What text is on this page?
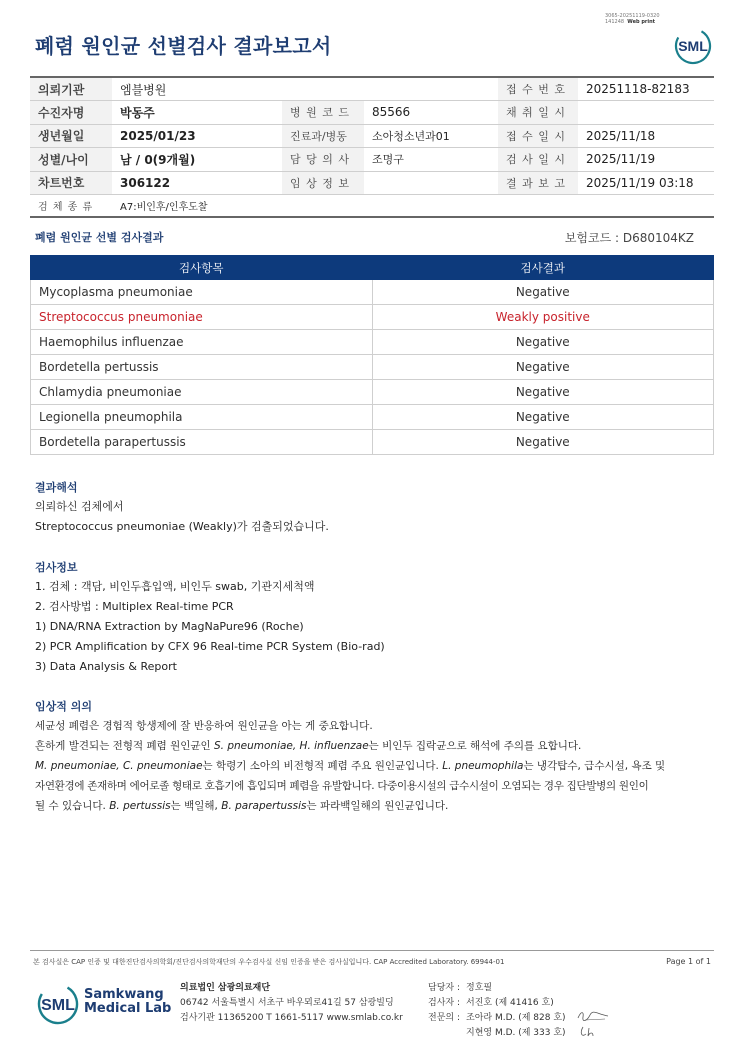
3065-20251119-0320
141248 Web print
폐렴 원인균 선별검사 결과보고서	SML
의뢰기관	엠블병원			접 수 번 호	20251118-82183
수진자명	박동주	병 원 코 드	85566	채 취 일 시	
생년월일	2025/01/23	진료과/병동	소아청소년과01	접 수 일 시	2025/11/18
성별/나이	남 / 0(9개월)	담 당 의 사	조명구	검 사 일 시	2025/11/19
차트번호	306122	임 상 정 보		결 과 보 고	2025/11/19 03:18
검 체 종 류	A7:비인후/인후도찰				
폐렴 원인균 선별 검사결과	보험코드 : D680104KZ
검사항목	검사결과
Mycoplasma pneumoniae	Negative
Streptococcus pneumoniae	Weakly positive
Haemophilus influenzae	Negative
Bordetella pertussis	Negative
Chlamydia pneumoniae	Negative
Legionella pneumophila	Negative
Bordetella parapertussis	Negative
결과해석
의뢰하신 검체에서
Streptococcus pneumoniae (Weakly)가 검출되었습니다.
검사정보
1. 검체 : 객담, 비인두흡입액, 비인두 swab, 기관지세척액
2. 검사방법 : Multiplex Real-time PCR
1) DNA/RNA Extraction by MagNaPure96 (Roche)
2) PCR Amplification by CFX 96 Real-time PCR System (Bio-rad)
3) Data Analysis & Report
임상적 의의
세균성 폐렴은 경험적 항생제에 잘 반응하여 원인균을 아는 게 중요합니다.
흔하게 발견되는 전형적 폐렴 원인균인 S. pneumoniae, H. influenzae는 비인두 집락균으로 해석에 주의를 요합니다.
M. pneumoniae, C. pneumoniae는 학령기 소아의 비전형적 폐렴 주요 원인균입니다. L. pneumophila는 냉각탑수, 급수시설, 욕조 및
자연환경에 존재하며 에어로졸 형태로 호흡기에 흡입되며 폐렴을 유발합니다. 다중이용시설의 급수시설이 오염되는 경우 집단발병의 원인이
될 수 있습니다. B. pertussis는 백일해, B. parapertussis는 파라백일해의 원인균입니다.
본 검사실은 CAP 인증 및 대한진단검사의학회/진단검사의학재단의 우수검사실 신임 인증을 받은 검사실입니다. CAP Accredited Laboratory. 69944-01	Page 1 of 1
SML
Samkwang
Medical Lab
의료법인 삼광의료재단
06742 서울특별시 서초구 바우뫼로41길 57 삼광빌딩
검사기관 11365200 T 1661-5117 www.smlab.co.kr
담당자 : 정호필
검사자 : 서진호 (제 41416 호)
전문의 : 조아라 M.D. (제 828 호)
지현영 M.D. (제 333 호)
